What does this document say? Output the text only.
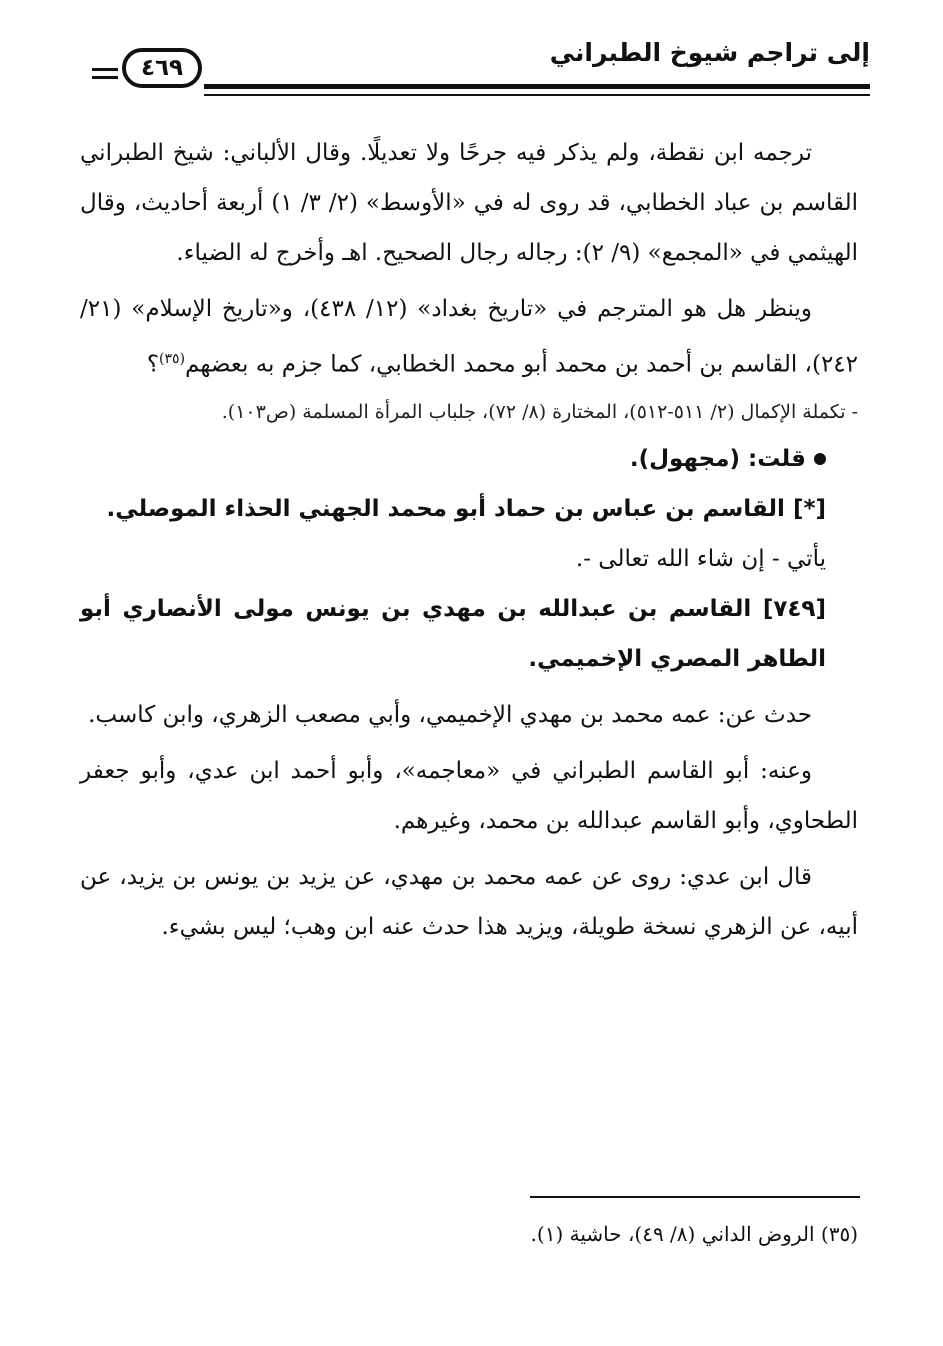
إلى تراجم شيوخ الطبراني
٤٦٩

ترجمه ابن نقطة، ولم يذكر فيه جرحًا ولا تعديلًا. وقال الألباني: شيخ الطبراني القاسم بن عباد الخطابي، قد روى له في «الأوسط» (٢/ ٣/ ١) أربعة أحاديث، وقال الهيثمي في «المجمع» (٩/ ٢): رجاله رجال الصحيح. اهـ وأخرج له الضياء.

وينظر هل هو المترجم في «تاريخ بغداد» (١٢/ ٤٣٨)، و«تاريخ الإسلام» (٢١/ ٢٤٢)، القاسم بن أحمد بن محمد أبو محمد الخطابي، كما جزم به بعضهم$^{(٣٥)}$؟

- تكملة الإكمال (٢/ ٥١١-٥١٢)، المختارة (٨/ ٧٢)، جلباب المرأة المسلمة (ص١٠٣).

قلت: (مجهول).

[*] القاسم بن عباس بن حماد أبو محمد الجهني الحذاء الموصلي.

يأتي - إن شاء الله تعالى -.

[٧٤٩] القاسم بن عبدالله بن مهدي بن يونس مولى الأنصاري أبو الطاهر المصري الإخميمي.

حدث عن: عمه محمد بن مهدي الإخميمي، وأبي مصعب الزهري، وابن كاسب.

وعنه: أبو القاسم الطبراني في «معاجمه»، وأبو أحمد ابن عدي، وأبو جعفر الطحاوي، وأبو القاسم عبدالله بن محمد، وغيرهم.

قال ابن عدي: روى عن عمه محمد بن مهدي، عن يزيد بن يونس بن يزيد، عن أبيه، عن الزهري نسخة طويلة، ويزيد هذا حدث عنه ابن وهب؛ ليس بشيء.

(٣٥) الروض الداني (٨/ ٤٩)، حاشية (١).
